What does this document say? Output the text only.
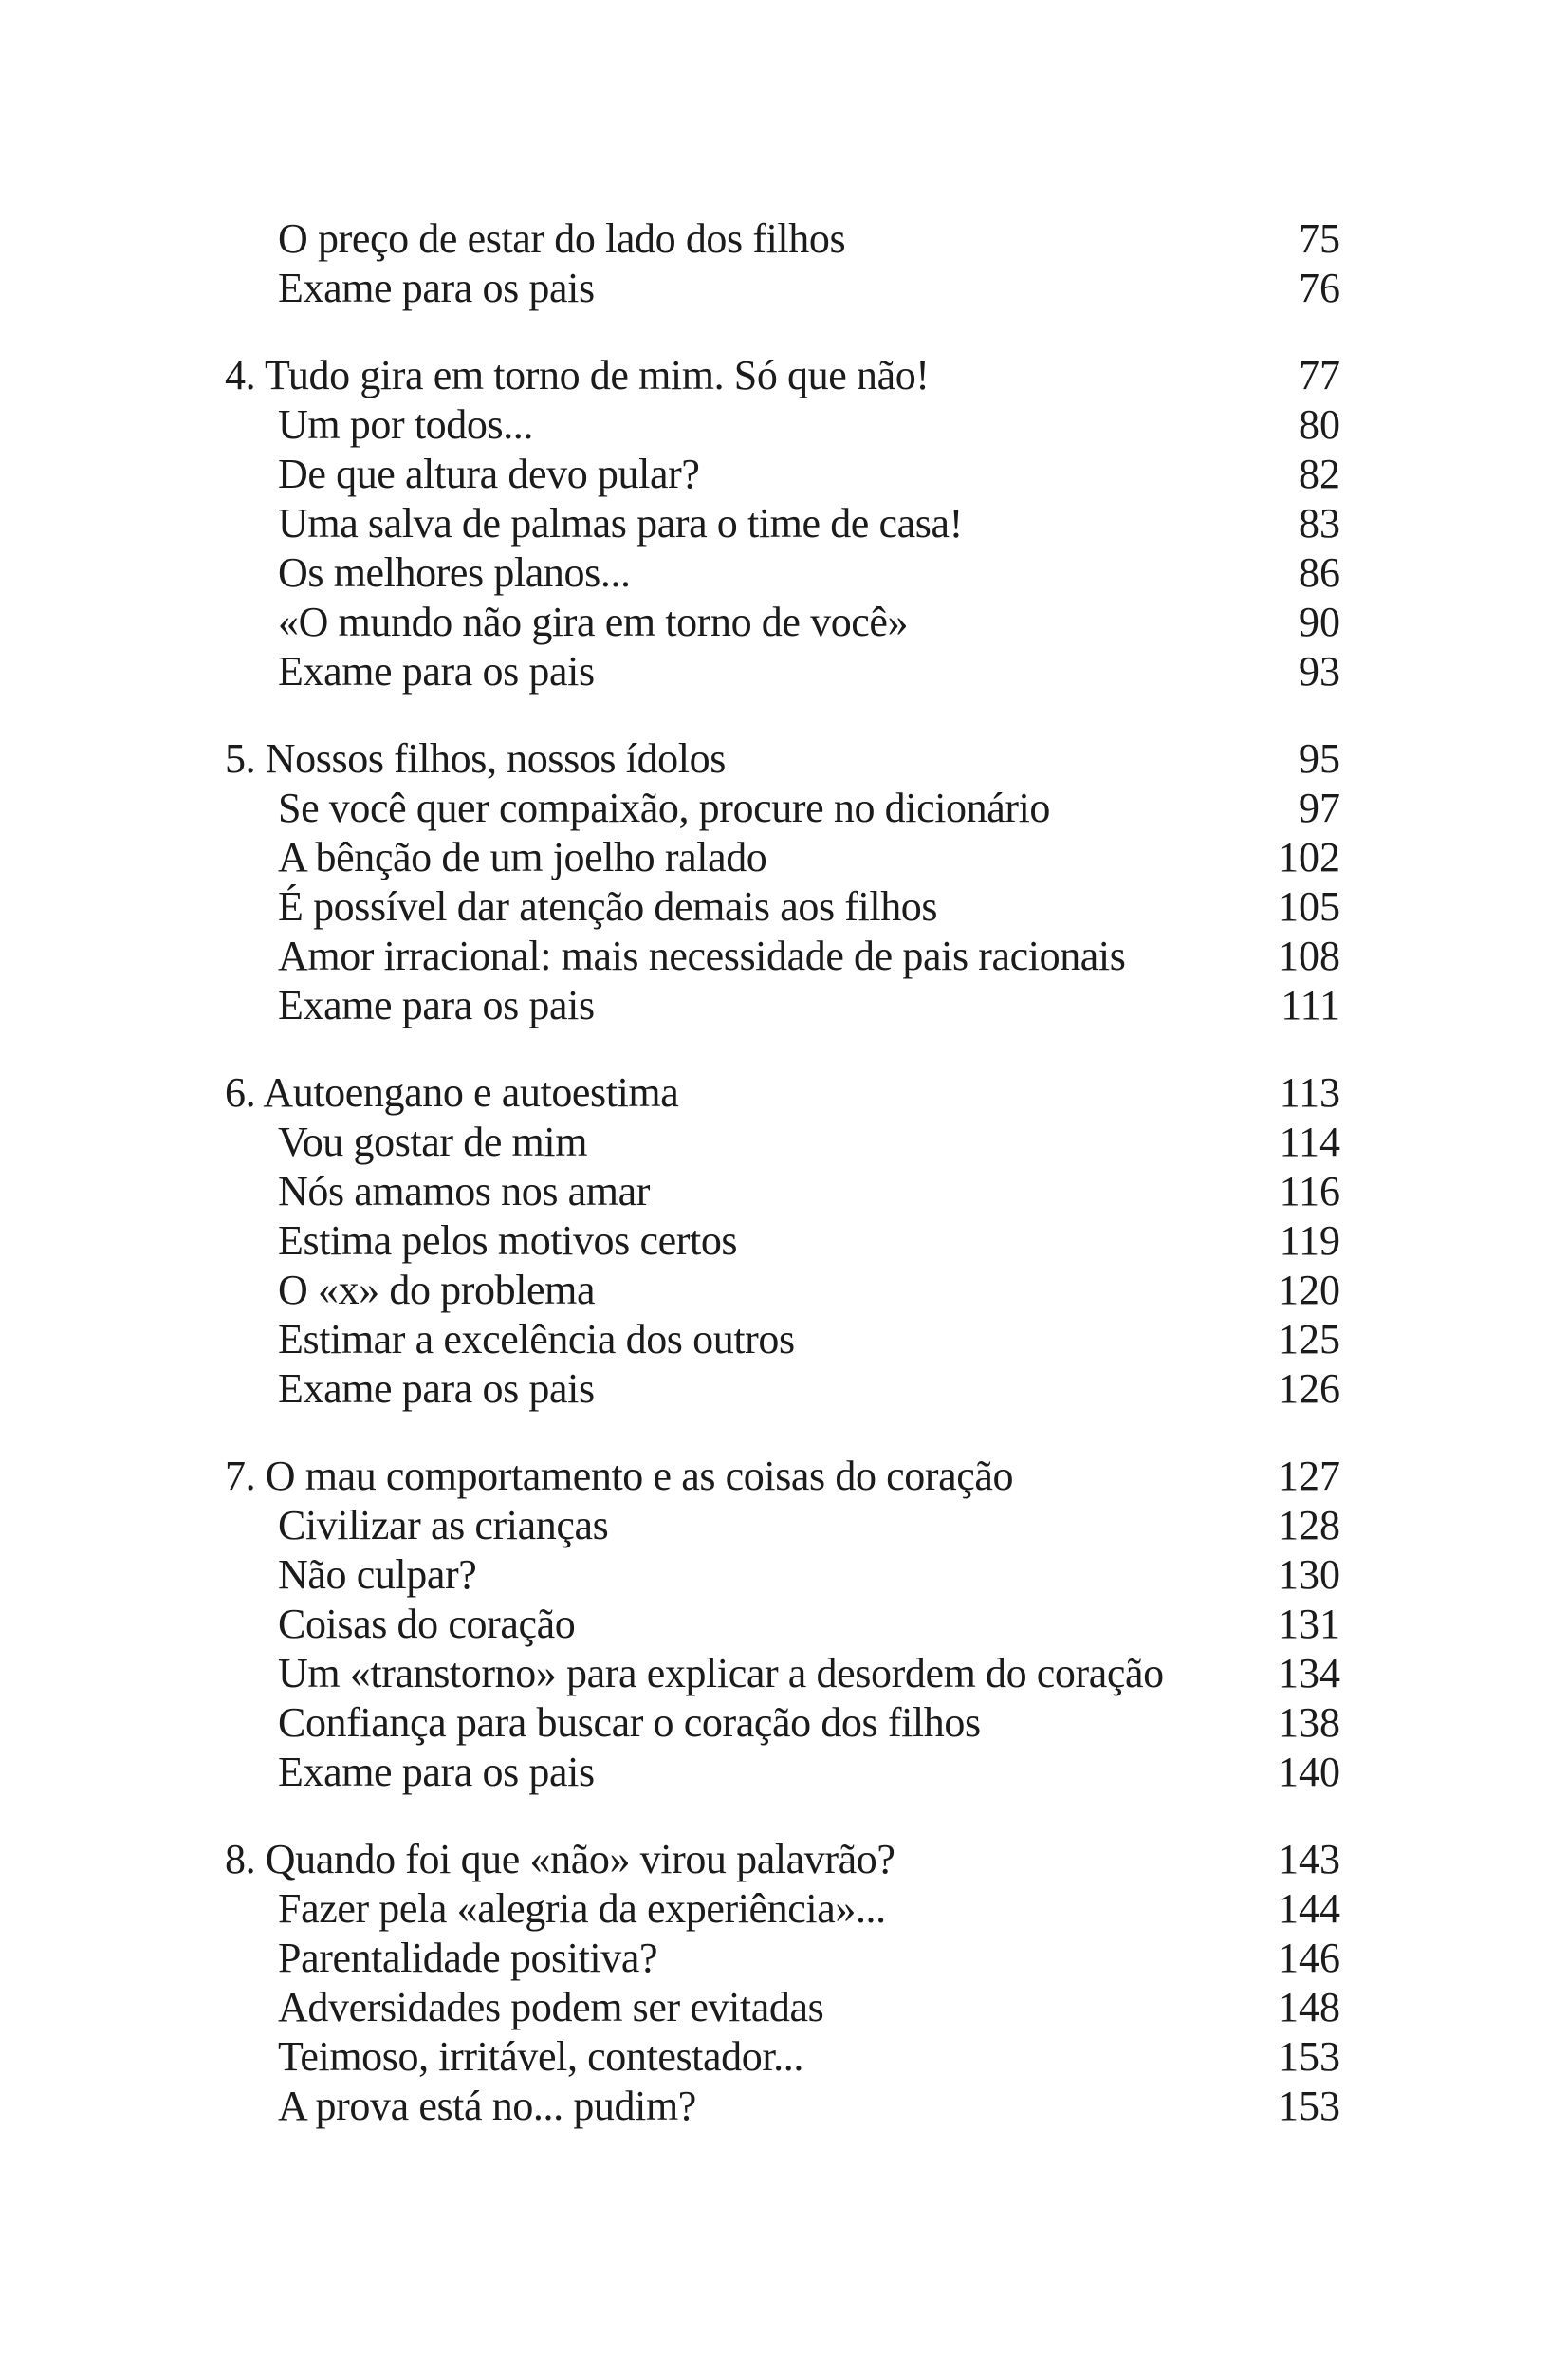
O preço de estar do lado dos filhos	75
Exame para os pais	76
4. Tudo gira em torno de mim. Só que não!	77
Um por todos...	80
De que altura devo pular?	82
Uma salva de palmas para o time de casa!	83
Os melhores planos...	86
«O mundo não gira em torno de você»	90
Exame para os pais	93
5. Nossos filhos, nossos ídolos	95
Se você quer compaixão, procure no dicionário	97
A bênção de um joelho ralado	102
É possível dar atenção demais aos filhos	105
Amor irracional: mais necessidade de pais racionais	108
Exame para os pais	111
6. Autoengano e autoestima	113
Vou gostar de mim	114
Nós amamos nos amar	116
Estima pelos motivos certos	119
O «x» do problema	120
Estimar a excelência dos outros	125
Exame para os pais	126
7. O mau comportamento e as coisas do coração	127
Civilizar as crianças	128
Não culpar?	130
Coisas do coração	131
Um «transtorno» para explicar a desordem do coração	134
Confiança para buscar o coração dos filhos	138
Exame para os pais	140
8. Quando foi que «não» virou palavrão?	143
Fazer pela «alegria da experiência»...	144
Parentalidade positiva?	146
Adversidades podem ser evitadas	148
Teimoso, irritável, contestador...	153
A prova está no... pudim?	153
